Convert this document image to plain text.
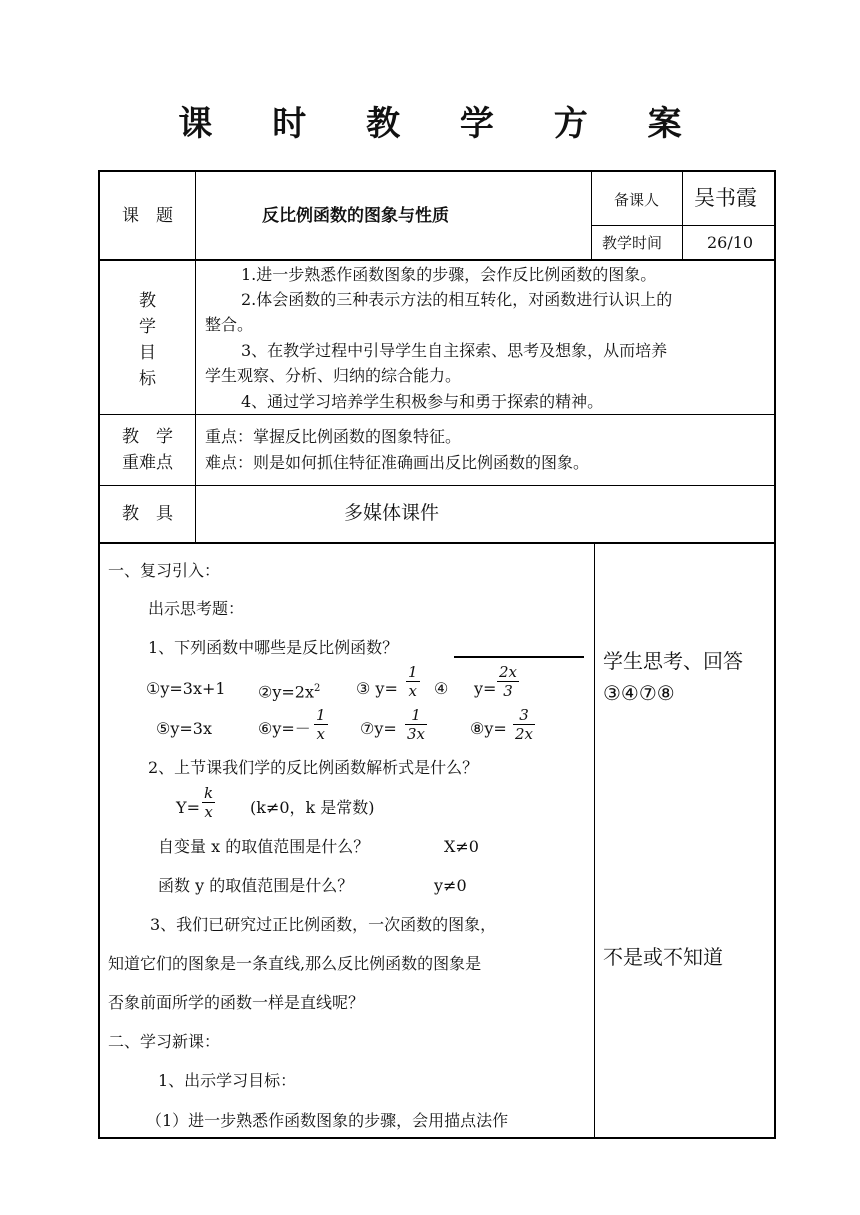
课 时 教 学 方 案
课　题	反比例函数的图象与性质
备课人 吴书霞
教学时间	26/10
教
学
目
标
1.进一步熟悉作函数图象的步骤，会作反比例函数的图象。
2.体会函数的三种表示方法的相互转化，对函数进行认识上的
整合。
3、在教学过程中引导学生自主探索、思考及想象，从而培养
学生观察、分析、归纳的综合能力。
4、通过学习培养学生积极参与和勇于探索的精神。
教　学
重难点
重点：掌握反比例函数的图象特征。
难点：则是如何抓住特征准确画出反比例函数的图象。
教　具	多媒体课件
一、复习引入：
出示思考题：
1、下列函数中哪些是反比例函数？
①y=3x+1 $②y=2x^2$ ③ $y= \frac{1}{x}$ ④ $y= \frac{2x}{3}$
⑤y=3x	⑥y=－ $\frac{1}{x}$ ⑦y= $\frac{1}{3x}$	⑧y= $\frac{3}{2x}$
2、上节课我们学的反比例函数解析式是什么？
$Y= \frac{k}{x} (k\ne 0$，k 是常数)
自变量 x 的取值范围是什么？	X≠0
函数 y 的取值范围是什么？	y≠0
3、我们已研究过正比例函数，一次函数的图象，
知道它们的图象是一条直线,那么反比例函数的图象是
否象前面所学的函数一样是直线呢？
二、学习新课：
1、出示学习目标：
（1）进一步熟悉作函数图象的步骤，会用描点法作
学生思考、回答
③④⑦⑧
不是或不知道
